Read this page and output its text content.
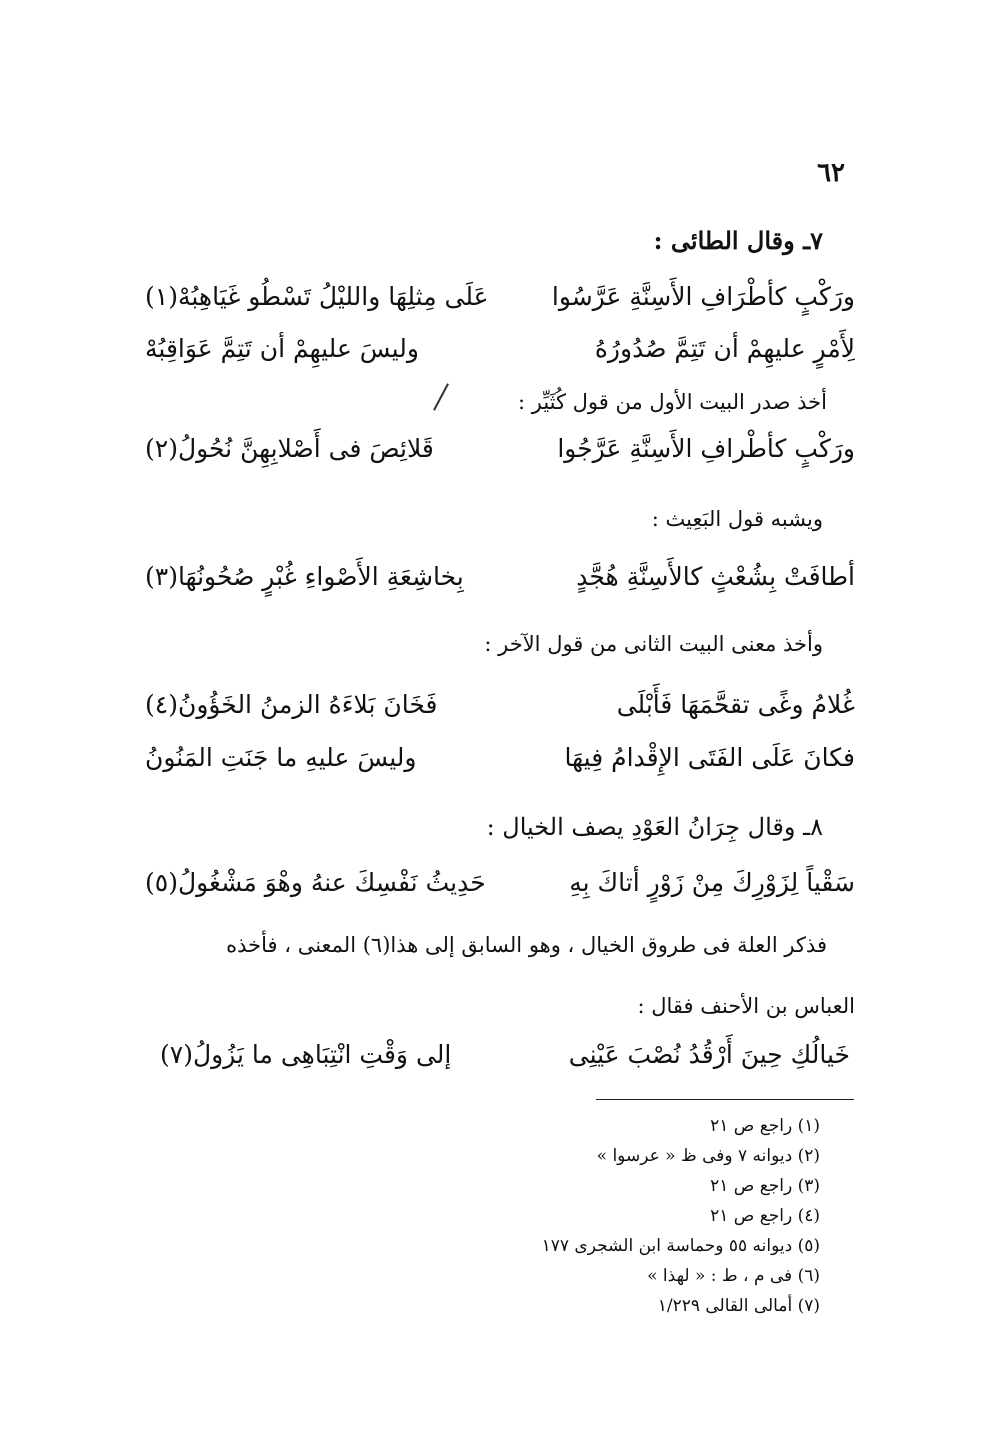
٦٢
٧ـ وقال الطائى :
ورَكْبٍ كأطْرَافِ الأَسِنَّةِ عَرَّسُوا
عَلَى مِثلِهَا والليْلُ تَسْطُو غَيَاهِبُهْ(١)
لِأَمْرٍ عليهِمْ أن تَتِمَّ صُدُورُهُ
وليسَ عليهِمْ أن تَتِمَّ عَوَاقِبُهْ
أخذ صدر البيت الأول من قول كُثَيِّر :
ورَكْبٍ كأطْرافِ الأَسِنَّةِ عَرَّجُوا
قَلائِصَ فى أَصْلابِهِنَّ نُحُولُ(٢)
ويشبه قول البَعِيث :
أطافَتْ بِشُعْثٍ كالأَسِنَّةِ هُجَّدٍ
بِخاشِعَةِ الأَصْواءِ غُبْرٍ صُحُونُهَا(٣)
وأخذ معنى البيت الثانى من قول الآخر :
غُلامُ وغًى تقحَّمَهَا فَأَبْلَى
فَخَانَ بَلاءَهُ الزمنُ الخَؤُونُ(٤)
فكانَ عَلَى الفَتَى الإِقْدامُ فِيهَا
وليسَ عليهِ ما جَنَتِ المَنُونُ
٨ـ وقال جِرَانُ العَوْدِ يصف الخيال :
سَقْياً لِزَوْرِكَ مِنْ زَوْرٍ أتاكَ بِهِ
حَدِيثُ نَفْسِكَ عنهُ وهْوَ مَشْغُولُ(٥)
فذكر العلة فى طروق الخيال ، وهو السابق إلى هذا(٦) المعنى ، فأخذه
العباس بن الأحنف فقال :
خَيالُكِ حِينَ أَرْقُدُ نُصْبَ عَيْنِى
إلى وَقْتِ انْتِبَاهِى ما يَزُولُ(٧)
(١) راجع ص ٢١
(٢) ديوانه ٧ وفى ظ « عرسوا »
(٣) راجع ص ٢١
(٤) راجع ص ٢١
(٥) ديوانه ٥٥ وحماسة ابن الشجرى ١٧٧
(٦) فى م ، ط : « لهذا »
(٧) أمالى القالى ١/٢٢٩
